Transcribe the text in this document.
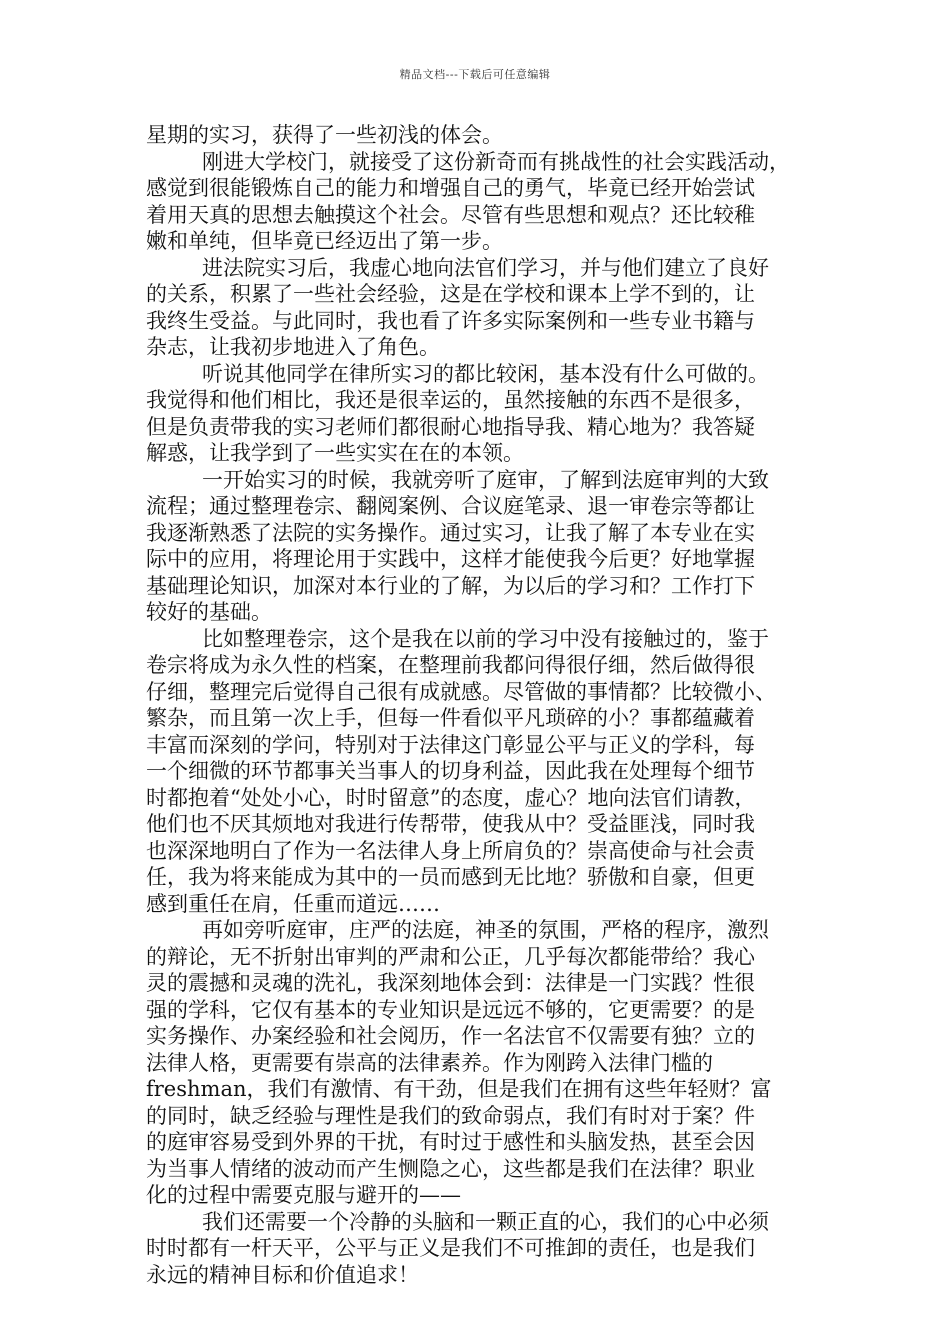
精品文档---下载后可任意编辑
星期的实习，获得了一些初浅的体会。
刚进大学校门，就接受了这份新奇而有挑战性的社会实践活动，
感觉到很能锻炼自己的能力和增强自己的勇气，毕竟已经开始尝试
着用天真的思想去触摸这个社会。尽管有些思想和观点？还比较稚
嫩和单纯，但毕竟已经迈出了第一步。
进法院实习后，我虚心地向法官们学习，并与他们建立了良好
的关系，积累了一些社会经验，这是在学校和课本上学不到的，让
我终生受益。与此同时，我也看了许多实际案例和一些专业书籍与
杂志，让我初步地进入了角色。
听说其他同学在律所实习的都比较闲，基本没有什么可做的。
我觉得和他们相比，我还是很幸运的，虽然接触的东西不是很多，
但是负责带我的实习老师们都很耐心地指导我、精心地为？我答疑
解惑，让我学到了一些实实在在的本领。
一开始实习的时候，我就旁听了庭审，了解到法庭审判的大致
流程；通过整理卷宗、翻阅案例、合议庭笔录、退一审卷宗等都让
我逐渐熟悉了法院的实务操作。通过实习，让我了解了本专业在实
际中的应用，将理论用于实践中，这样才能使我今后更？好地掌握
基础理论知识，加深对本行业的了解，为以后的学习和？工作打下
较好的基础。
比如整理卷宗，这个是我在以前的学习中没有接触过的，鉴于
卷宗将成为永久性的档案，在整理前我都问得很仔细，然后做得很
仔细，整理完后觉得自己很有成就感。尽管做的事情都？比较微小、
繁杂，而且第一次上手，但每一件看似平凡琐碎的小？事都蕴藏着
丰富而深刻的学问，特别对于法律这门彰显公平与正义的学科，每
一个细微的环节都事关当事人的切身利益，因此我在处理每个细节
时都抱着“处处小心，时时留意”的态度，虚心？地向法官们请教，
他们也不厌其烦地对我进行传帮带，使我从中？受益匪浅，同时我
也深深地明白了作为一名法律人身上所肩负的？崇高使命与社会责
任，我为将来能成为其中的一员而感到无比地？骄傲和自豪，但更
感到重任在肩，任重而道远……
再如旁听庭审，庄严的法庭，神圣的氛围，严格的程序，激烈
的辩论，无不折射出审判的严肃和公正，几乎每次都能带给？我心
灵的震撼和灵魂的洗礼，我深刻地体会到：法律是一门实践？性很
强的学科，它仅有基本的专业知识是远远不够的，它更需要？的是
实务操作、办案经验和社会阅历，作一名法官不仅需要有独？立的
法律人格，更需要有崇高的法律素养。作为刚跨入法律门槛的
freshman，我们有激情、有干劲，但是我们在拥有这些年轻财？富
的同时，缺乏经验与理性是我们的致命弱点，我们有时对于案？件
的庭审容易受到外界的干扰，有时过于感性和头脑发热，甚至会因
为当事人情绪的波动而产生恻隐之心，这些都是我们在法律？职业
化的过程中需要克服与避开的——
我们还需要一个冷静的头脑和一颗正直的心，我们的心中必须
时时都有一杆天平，公平与正义是我们不可推卸的责任，也是我们
永远的精神目标和价值追求！
